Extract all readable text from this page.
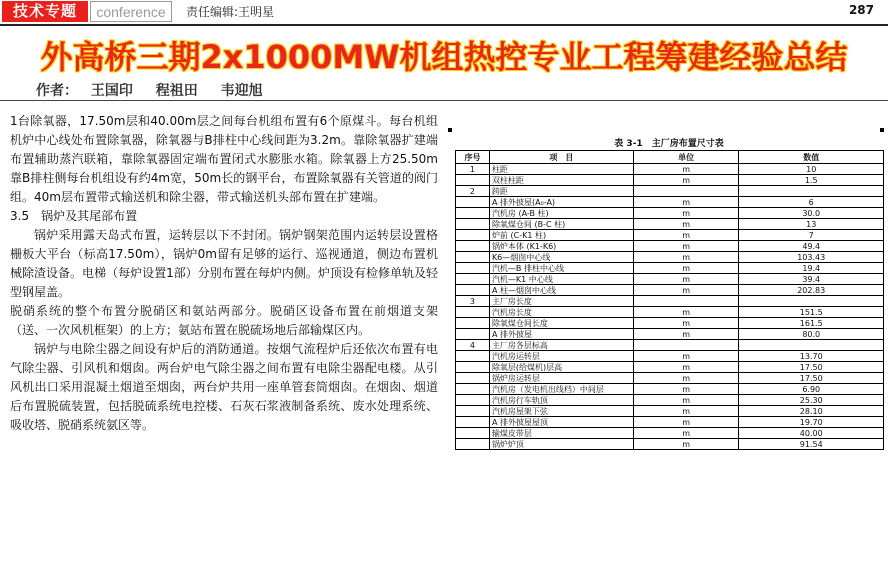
技术专题	conference	责任编辑:王明星	287
外高桥三期2x1000MW机组热控专业工程筹建经验总结
作者： 王国印 程祖田 韦迎旭

1台除氧器，17.50m层和40.00m层之间每台机组布置有6个原煤斗。每台机组机炉中心线处布置除氧器，除氧器与B排柱中心线间距为3.2m。靠除氧器扩建端布置辅助蒸汽联箱，靠除氧器固定端布置闭式水膨胀水箱。除氧器上方25.50m靠B排柱侧每台机组设有约4m宽，50m长的钢平台，布置除氧器有关管道的阀门组。40m层布置带式输送机和除尘器，带式输送机头部布置在扩建端。

3.5　锅炉及其尾部布置

锅炉采用露天岛式布置，运转层以下不封闭。锅炉钢架范围内运转层设置格栅板大平台（标高17.50m），锅炉0m留有足够的运行、巡视通道，侧边布置机械除渣设备。电梯（每炉设置1部）分别布置在每炉内侧。炉顶设有检修单轨及轻型钢屋盖。

脱硝系统的整个布置分脱硝区和氨站两部分。脱硝区设备布置在前烟道支架（送、一次风机框架）的上方；氨站布置在脱硫场地后部输煤区内。

锅炉与电除尘器之间设有炉后的消防通道。按烟气流程炉后还依次布置有电气除尘器、引风机和烟囱。两台炉电气除尘器之间布置有电除尘器配电楼。从引风机出口采用混凝土烟道至烟囱，两台炉共用一座单管套筒烟囱。在烟囱、烟道后布置脱硫装置，包括脱硫系统电控楼、石灰石浆液制备系统、废水处理系统、吸收塔、脱硝系统氨区等。

表 3-1　主厂房布置尺寸表
序号	项　目	单位	数值
1	柱距	m	10
	双柱柱距	m	1.5
2	跨距		
	A 排外披屋(A₀-A)	m	6
	汽机房 (A-B 柱)	m	30.0
	除氧煤仓间 (B-C 柱)	m	13
	炉前 (C-K1 柱)	m	7
	锅炉本体 (K1-K6)	m	49.4
	K6—烟囱中心线	m	103.43
	汽机—B 排柱中心线	m	19.4
	汽机—K1 中心线	m	39.4
	A 柱—烟囱中心线	m	202.83
3	主厂房长度		
	汽机房长度	m	151.5
	除氧煤仓间长度	m	161.5
	A 排外披屋	m	80.0
4	主厂房各层标高		
	汽机房运转层	m	13.70
	除氧层(给煤机)层高	m	17.50
	锅炉房运转层	m	17.50
	汽机房（发电机出线档）中间层	m	6.90
	汽机房行车轨顶	m	25.30
	汽机房屋架下弦	m	28.10
	A 排外披屋屋顶	m	19.70
	输煤皮带层	m	40.00
	锅炉炉顶	m	91.54
